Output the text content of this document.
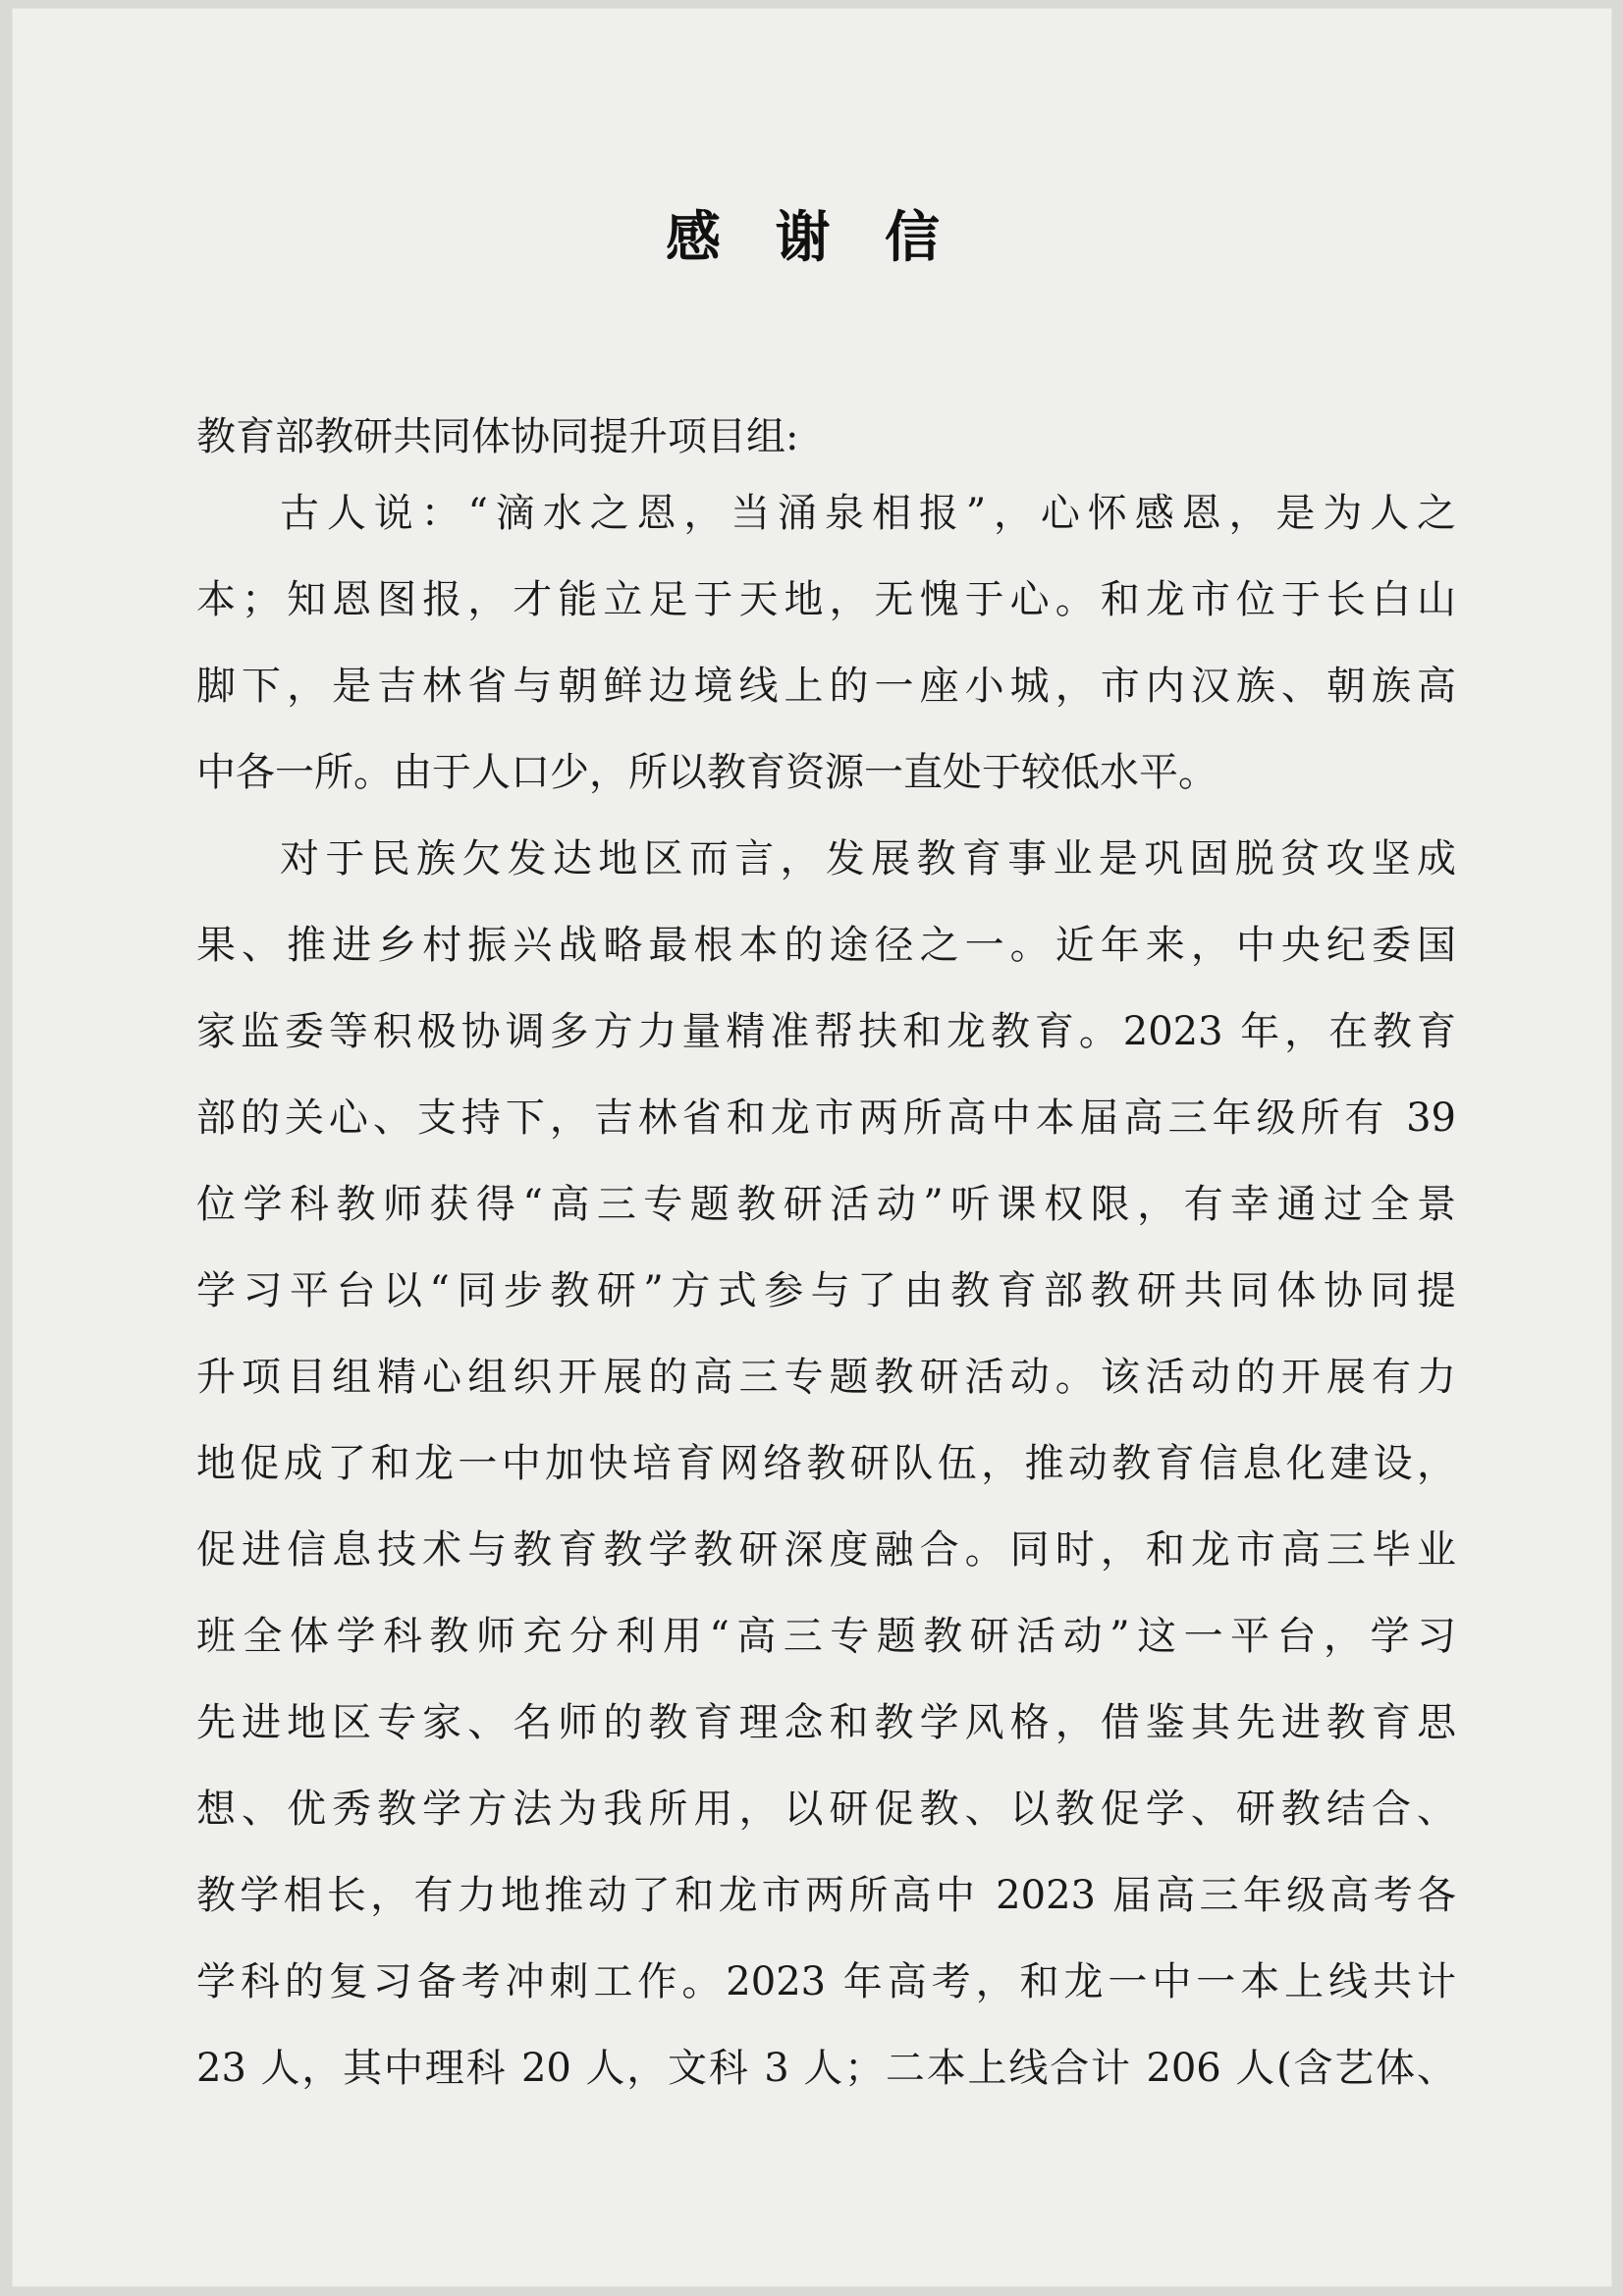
感 谢 信

教育部教研共同体协同提升项目组:

古人说：“滴水之恩，当涌泉相报”，心怀感恩，是为人之

本；知恩图报，才能立足于天地，无愧于心。和龙市位于长白山

脚下，是吉林省与朝鲜边境线上的一座小城，市内汉族、朝族高

中各一所。由于人口少，所以教育资源一直处于较低水平。

对于民族欠发达地区而言，发展教育事业是巩固脱贫攻坚成

果、推进乡村振兴战略最根本的途径之一。近年来，中央纪委国

家监委等积极协调多方力量精准帮扶和龙教育。2023 年，在教育

部的关心、支持下，吉林省和龙市两所高中本届高三年级所有 39

位学科教师获得“高三专题教研活动”听课权限，有幸通过全景

学习平台以“同步教研”方式参与了由教育部教研共同体协同提

升项目组精心组织开展的高三专题教研活动。该活动的开展有力

地促成了和龙一中加快培育网络教研队伍，推动教育信息化建设，

促进信息技术与教育教学教研深度融合。同时，和龙市高三毕业

班全体学科教师充分利用“高三专题教研活动”这一平台，学习

先进地区专家、名师的教育理念和教学风格，借鉴其先进教育思

想、优秀教学方法为我所用，以研促教、以教促学、研教结合、

教学相长，有力地推动了和龙市两所高中 2023 届高三年级高考各

学科的复习备考冲刺工作。2023 年高考，和龙一中一本上线共计

23 人，其中理科 20 人，文科 3 人；二本上线合计 206 人(含艺体、
